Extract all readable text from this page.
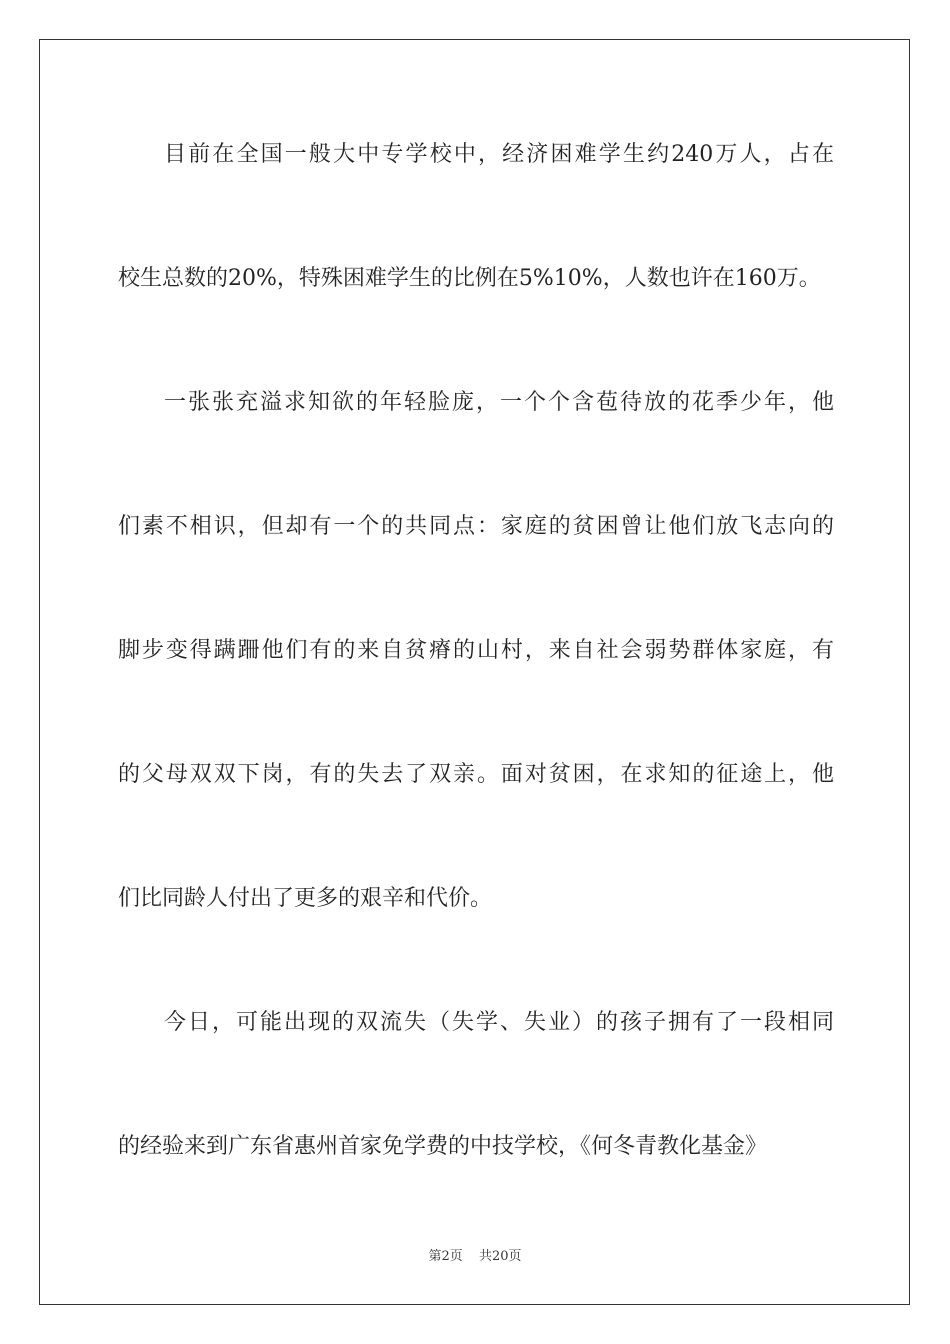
目前在全国一般大中专学校中，经济困难学生约240万人，占在

校生总数的20%，特殊困难学生的比例在5%10%，人数也许在160万。

一张张充溢求知欲的年轻脸庞，一个个含苞待放的花季少年，他

们素不相识，但却有一个的共同点：家庭的贫困曾让他们放飞志向的

脚步变得蹒跚他们有的来自贫瘠的山村，来自社会弱势群体家庭，有

的父母双双下岗，有的失去了双亲。面对贫困，在求知的征途上，他

们比同龄人付出了更多的艰辛和代价。

今日，可能出现的双流失（失学、失业）的孩子拥有了一段相同

的经验来到广东省惠州首家免学费的中技学校，《何冬青教化基金》

第2页 共20页
